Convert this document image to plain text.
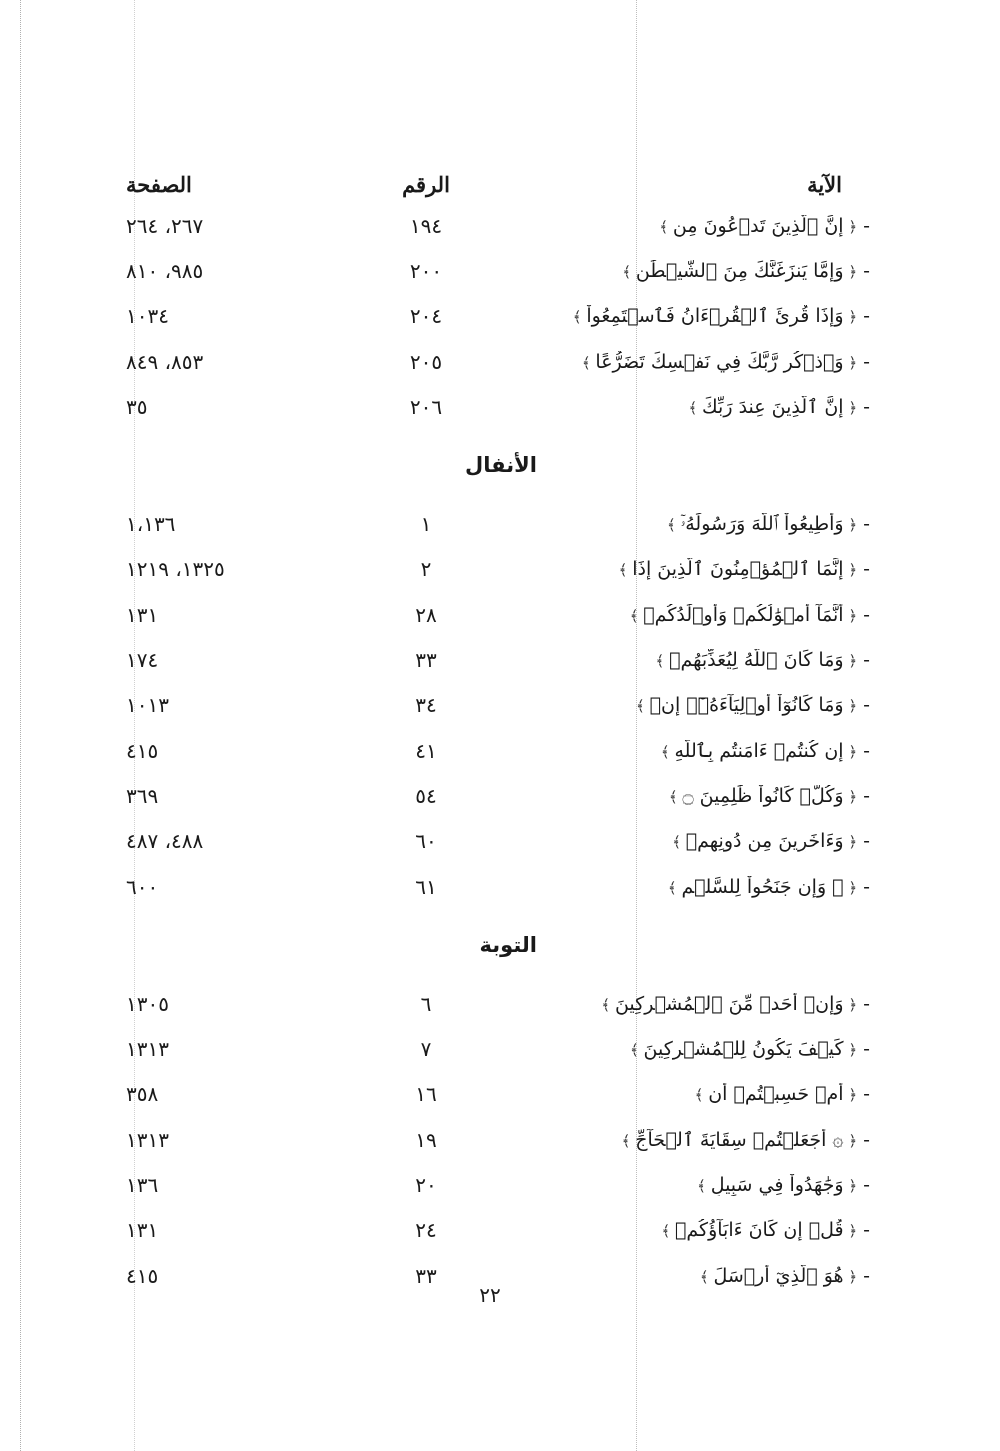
الآية
الرقم
الصفحة
-﴿ إِنَّ ٱلَّذِينَ تَدۡعُونَ مِن ﴾
١٩٤
٢٦٧، ٢٦٤
-﴿ وَإِمَّا يَنزَغَنَّكَ مِنَ ٱلشَّيۡطَٰنِ ﴾
٢٠٠
٩٨٥، ٨١٠
-﴿ وَإِذَا قُرِئَ ٱلۡقُرۡءَانُ فَٱسۡتَمِعُواْ ﴾
٢٠٤
١٠٣٤
-﴿ وَٱذۡكُر رَّبَّكَ فِي نَفۡسِكَ تَضَرُّعًا ﴾
٢٠٥
٨٥٣، ٨٤٩
-﴿ إِنَّ ٱلَّذِينَ عِندَ رَبِّكَ ﴾
٢٠٦
٣٥
الأنفال
-﴿ وَأَطِيعُواْ ٱللَّهَ وَرَسُولَهُۥٓ ﴾
١
١،١٣٦
-﴿ إِنَّمَا ٱلۡمُؤۡمِنُونَ ٱلَّذِينَ إِذَا ﴾
٢
١٣٢٥، ١٢١٩
-﴿ أَنَّمَآ أَمۡوَٰلُكُمۡ وَأَوۡلَٰدُكُمۡ ﴾
٢٨
١٣١
-﴿ وَمَا كَانَ ٱللَّهُ لِيُعَذِّبَهُمۡ ﴾
٣٣
١٧٤
-﴿ وَمَا كَانُوٓاْ أَوۡلِيَآءَهُۥٓۚ إِنۡ ﴾
٣٤
١٠١٣
-﴿ إِن كُنتُمۡ ءَامَنتُم بِٱللَّهِ ﴾
٤١
٤١٥
-﴿ وَكُلّٞ كَانُواْ ظَٰلِمِينَ ۝ ﴾
٥٤
٣٦٩
-﴿ وَءَاخَرِينَ مِن دُونِهِمۡ ﴾
٦٠
٤٨٨، ٤٨٧
-﴿ ۞ وَإِن جَنَحُواْ لِلسَّلۡمِ ﴾
٦١
٦٠٠
التوبة
-﴿ وَإِنۡ أَحَدٞ مِّنَ ٱلۡمُشۡرِكِينَ ﴾
٦
١٣٠٥
-﴿ كَيۡفَ يَكُونُ لِلۡمُشۡرِكِينَ ﴾
٧
١٣١٣
-﴿ أَمۡ حَسِبۡتُمۡ أَن ﴾
١٦
٣٥٨
-﴿ ۞ أَجَعَلۡتُمۡ سِقَايَةَ ٱلۡحَآجِّ ﴾
١٩
١٣١٣
-﴿ وَجَٰهَدُواْ فِي سَبِيلِ ﴾
٢٠
١٣٦
-﴿ قُلۡ إِن كَانَ ءَابَآؤُكُمۡ ﴾
٢٤
١٣١
-﴿ هُوَ ٱلَّذِيٓ أَرۡسَلَ ﴾
٣٣
٤١٥
٢٢
